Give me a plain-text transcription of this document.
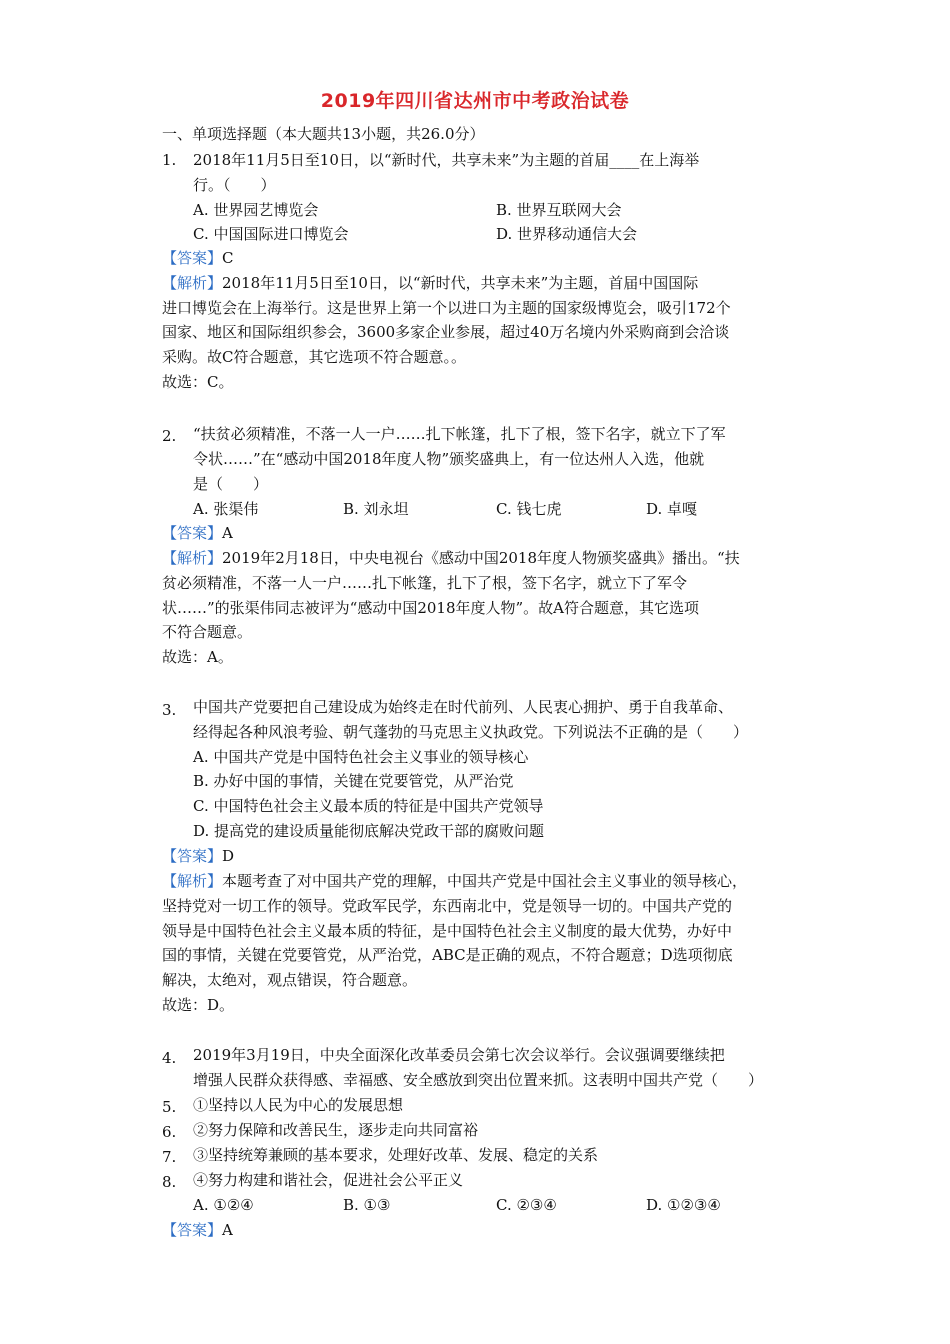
2019年四川省达州市中考政治试卷
一、单项选择题（本大题共13小题，共26.0分）
1. 2018年11月5日至10日，以“新时代，共享未来”为主题的首届____在上海举
行。（　　）
A. 世界园艺博览会	B. 世界互联网大会
C. 中国国际进口博览会	D. 世界移动通信大会
【答案】C
【解析】2018年11月5日至10日，以“新时代，共享未来”为主题，首届中国国际
进口博览会在上海举行。这是世界上第一个以进口为主题的国家级博览会，吸引172个
国家、地区和国际组织参会，3600多家企业参展，超过40万名境内外采购商到会洽谈
采购。故C符合题意，其它选项不符合题意。。
故选：C。
2. “扶贫必须精准，不落一人一户……扎下帐篷，扎下了根，签下名字，就立下了军
令状……”在“感动中国2018年度人物”颁奖盛典上，有一位达州人入选，他就
是（　　）
A. 张渠伟	B. 刘永坦	C. 钱七虎	D. 卓嘎
【答案】A
【解析】2019年2月18日，中央电视台《感动中国2018年度人物颁奖盛典》播出。“扶
贫必须精准，不落一人一户……扎下帐篷，扎下了根，签下名字，就立下了军令
状……”的张渠伟同志被评为“感动中国2018年度人物”。故A符合题意，其它选项
不符合题意。
故选：A。
3. 中国共产党要把自己建设成为始终走在时代前列、人民衷心拥护、勇于自我革命、
经得起各种风浪考验、朝气蓬勃的马克思主义执政党。下列说法不正确的是（　　）
A. 中国共产党是中国特色社会主义事业的领导核心
B. 办好中国的事情，关键在党要管党，从严治党
C. 中国特色社会主义最本质的特征是中国共产党领导
D. 提高党的建设质量能彻底解决党政干部的腐败问题
【答案】D
【解析】本题考查了对中国共产党的理解，中国共产党是中国社会主义事业的领导核心，
坚持党对一切工作的领导。党政军民学，东西南北中，党是领导一切的。中国共产党的
领导是中国特色社会主义最本质的特征，是中国特色社会主义制度的最大优势，办好中
国的事情，关键在党要管党，从严治党，ABC是正确的观点，不符合题意；D选项彻底
解决，太绝对，观点错误，符合题意。
故选：D。
4. 2019年3月19日，中央全面深化改革委员会第七次会议举行。会议强调要继续把
增强人民群众获得感、幸福感、安全感放到突出位置来抓。这表明中国共产党（　　）
5. ①坚持以人民为中心的发展思想
6. ②努力保障和改善民生，逐步走向共同富裕
7. ③坚持统筹兼顾的基本要求，处理好改革、发展、稳定的关系
8. ④努力构建和谐社会，促进社会公平正义
A. ①②④	B. ①③	C. ②③④	D. ①②③④
【答案】A
